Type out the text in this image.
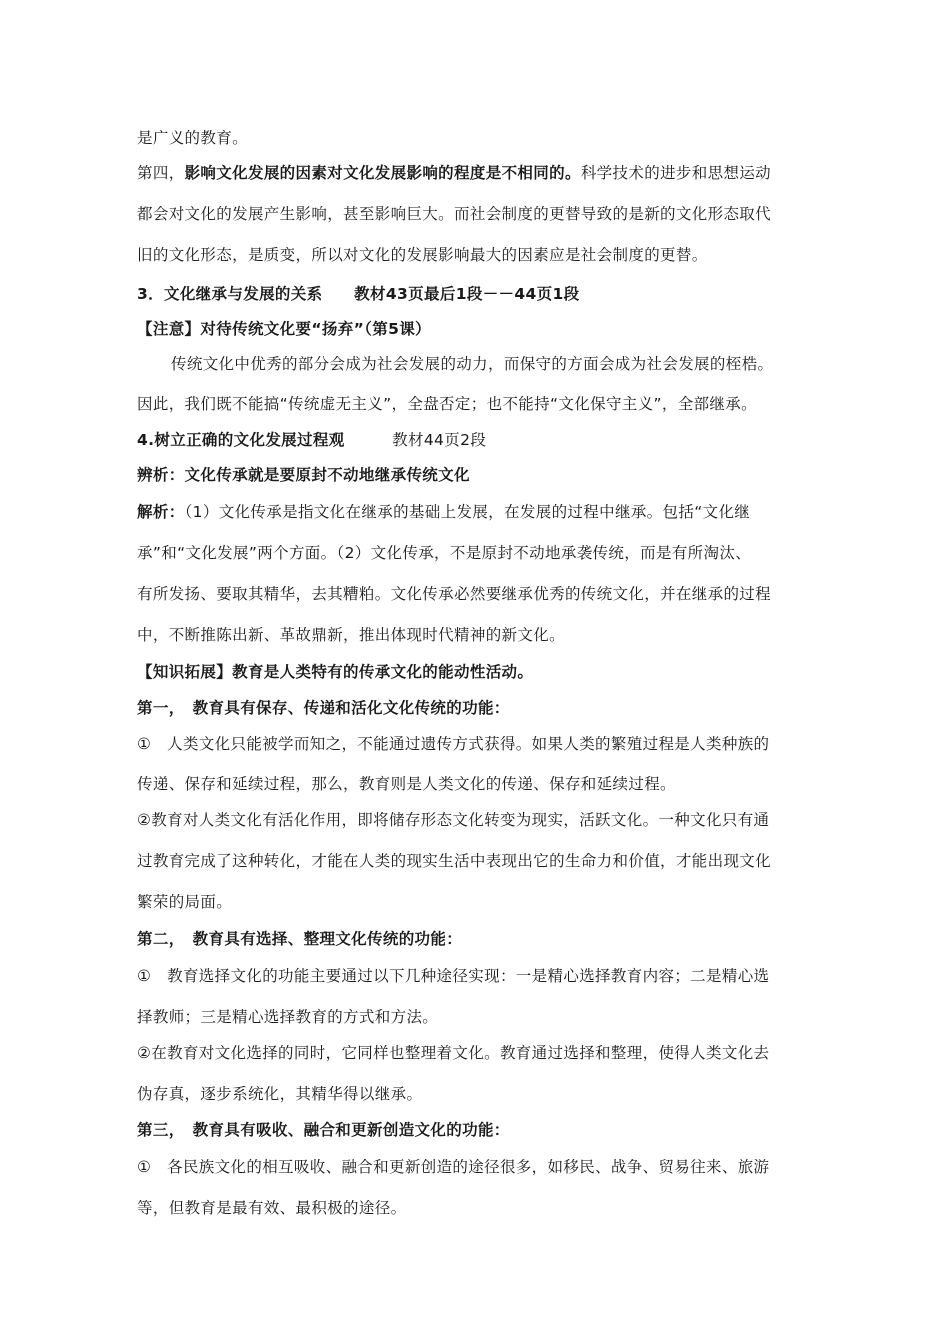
是广义的教育。
第四，影响文化发展的因素对文化发展影响的程度是不相同的。科学技术的进步和思想运动
都会对文化的发展产生影响，甚至影响巨大。而社会制度的更替导致的是新的文化形态取代
旧的文化形态，是质变，所以对文化的发展影响最大的因素应是社会制度的更替。
3．文化继承与发展的关系　　教材43页最后1段－－44页1段
【注意】对待传统文化要“扬弃”（第5课）
传统文化中优秀的部分会成为社会发展的动力，而保守的方面会成为社会发展的桎梏。
因此，我们既不能搞“传统虚无主义”，全盘否定；也不能持“文化保守主义”，全部继承。
4.树立正确的文化发展过程观　　　教材44页2段
辨析：文化传承就是要原封不动地继承传统文化
解析：（1）文化传承是指文化在继承的基础上发展，在发展的过程中继承。包括“文化继
承”和“文化发展”两个方面。（2）文化传承，不是原封不动地承袭传统，而是有所淘汰、
有所发扬、要取其精华，去其糟粕。文化传承必然要继承优秀的传统文化，并在继承的过程
中，不断推陈出新、革故鼎新，推出体现时代精神的新文化。
【知识拓展】教育是人类特有的传承文化的能动性活动。
第一，　教育具有保存、传递和活化文化传统的功能：
①　人类文化只能被学而知之，不能通过遗传方式获得。如果人类的繁殖过程是人类种族的
传递、保存和延续过程，那么，教育则是人类文化的传递、保存和延续过程。
②教育对人类文化有活化作用，即将储存形态文化转变为现实，活跃文化。一种文化只有通
过教育完成了这种转化，才能在人类的现实生活中表现出它的生命力和价值，才能出现文化
繁荣的局面。
第二，　教育具有选择、整理文化传统的功能：
①　教育选择文化的功能主要通过以下几种途径实现：一是精心选择教育内容；二是精心选
择教师；三是精心选择教育的方式和方法。
②在教育对文化选择的同时，它同样也整理着文化。教育通过选择和整理，使得人类文化去
伪存真，逐步系统化，其精华得以继承。
第三，　教育具有吸收、融合和更新创造文化的功能：
①　各民族文化的相互吸收、融合和更新创造的途径很多，如移民、战争、贸易往来、旅游
等，但教育是最有效、最积极的途径。
